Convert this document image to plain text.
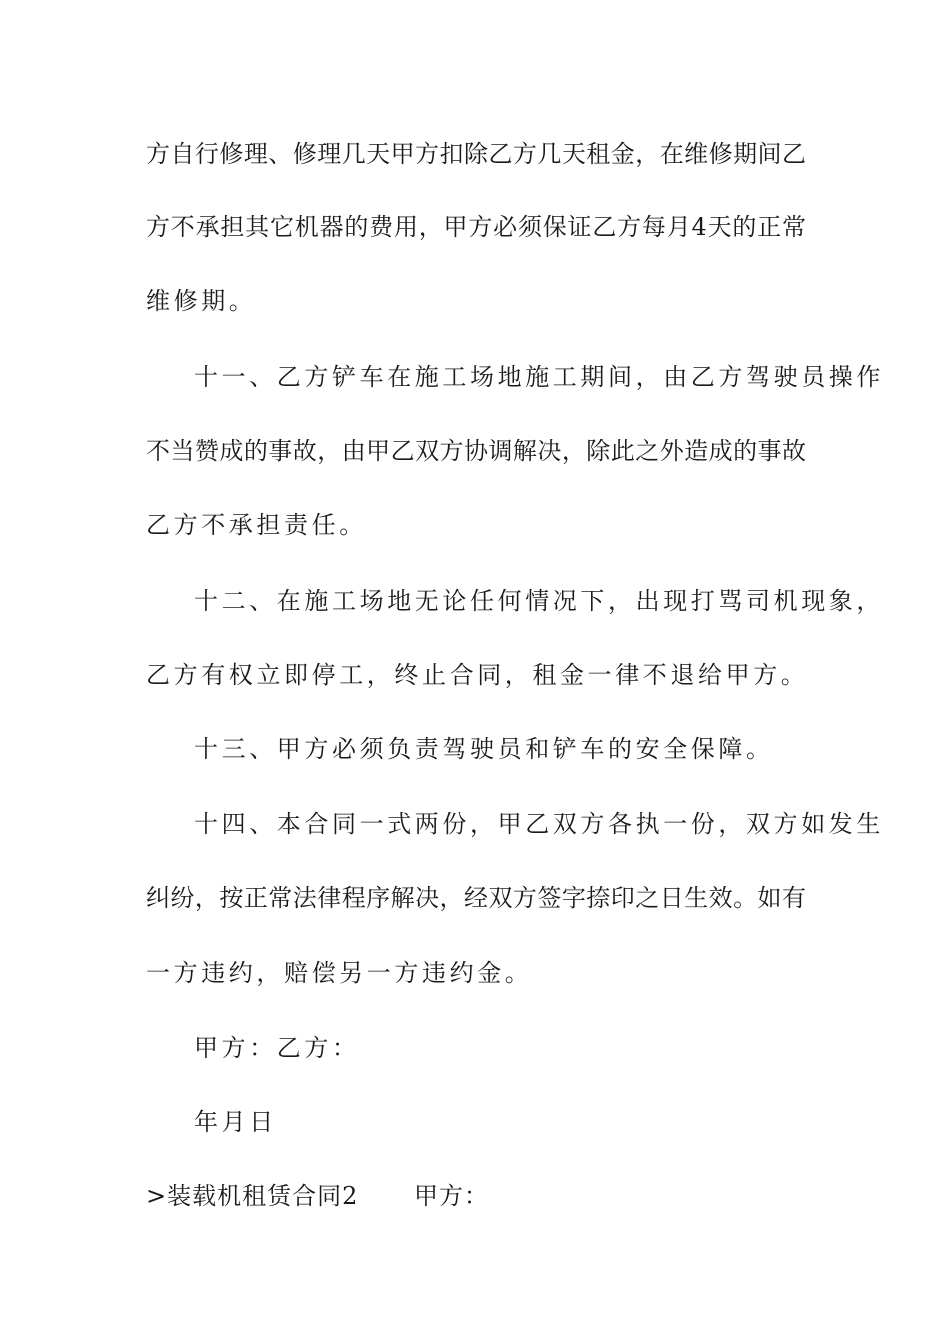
方自行修理、修理几天甲方扣除乙方几天租金，在维修期间乙
方不承担其它机器的费用，甲方必须保证乙方每月4天的正常
维修期。
十一、乙方铲车在施工场地施工期间，由乙方驾驶员操作
不当赞成的事故，由甲乙双方协调解决，除此之外造成的事故
乙方不承担责任。
十二、在施工场地无论任何情况下，出现打骂司机现象，
乙方有权立即停工，终止合同，租金一律不退给甲方。
十三、甲方必须负责驾驶员和铲车的安全保障。
十四、本合同一式两份，甲乙双方各执一份，双方如发生
纠纷，按正常法律程序解决，经双方签字捺印之日生效。如有
一方违约，赔偿另一方违约金。
甲方：乙方：
年月日
>装载机租赁合同2 甲方：
